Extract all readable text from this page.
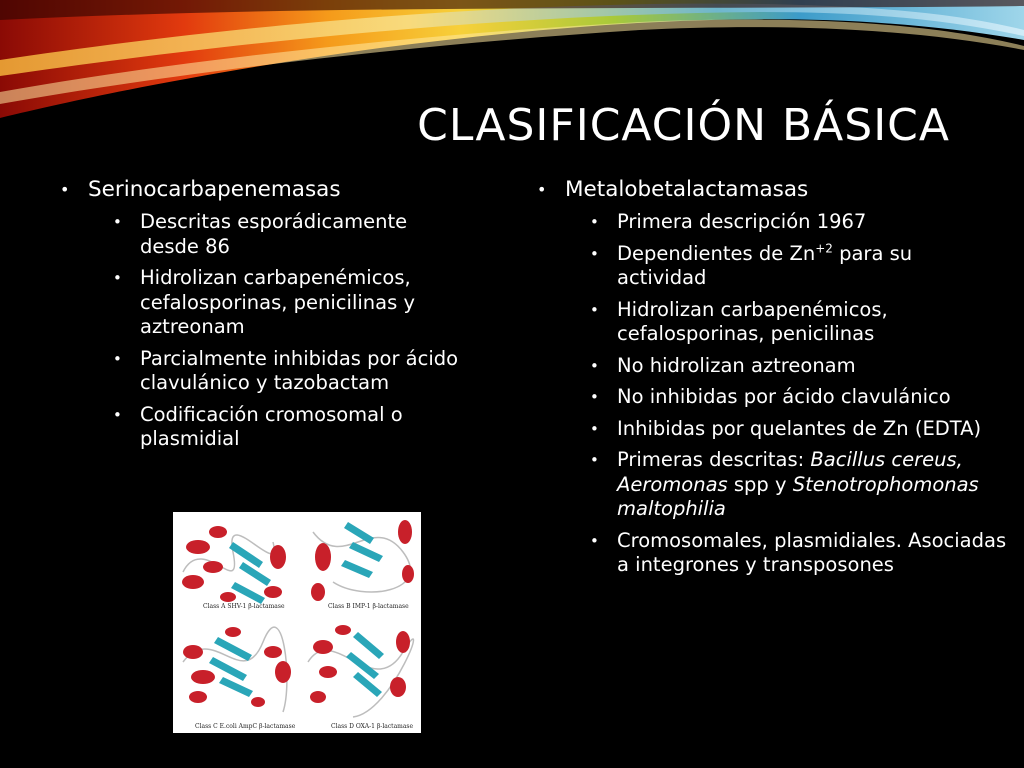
CLASIFICACIÓN BÁSICA
• Serinocarbapenemasas
• Descritas esporádicamente desde 86
• Hidrolizan carbapenémicos, cefalosporinas, penicilinas y aztreonam
• Parcialmente inhibidas por ácido clavulánico y tazobactam
• Codificación cromosomal o plasmidial
• Metalobetalactamasas
• Primera descripción 1967
• Dependientes de $Zn^{+2}$ para su actividad
• Hidrolizan carbapenémicos, cefalosporinas, penicilinas
• No hidrolizan aztreonam
• No inhibidas por ácido clavulánico
• Inhibidas por quelantes de Zn (EDTA)
• Primeras descritas: Bacillus cereus, Aeromonas spp y Stenotrophomonas maltophilia
• Cromosomales, plasmidiales. Asociadas a integrones y transposones
Class A SHV-1 β-lactamase	Class B IMP-1 β-lactamase
Class C E.coli AmpC β-lactamase	Class D OXA-1 β-lactamase
